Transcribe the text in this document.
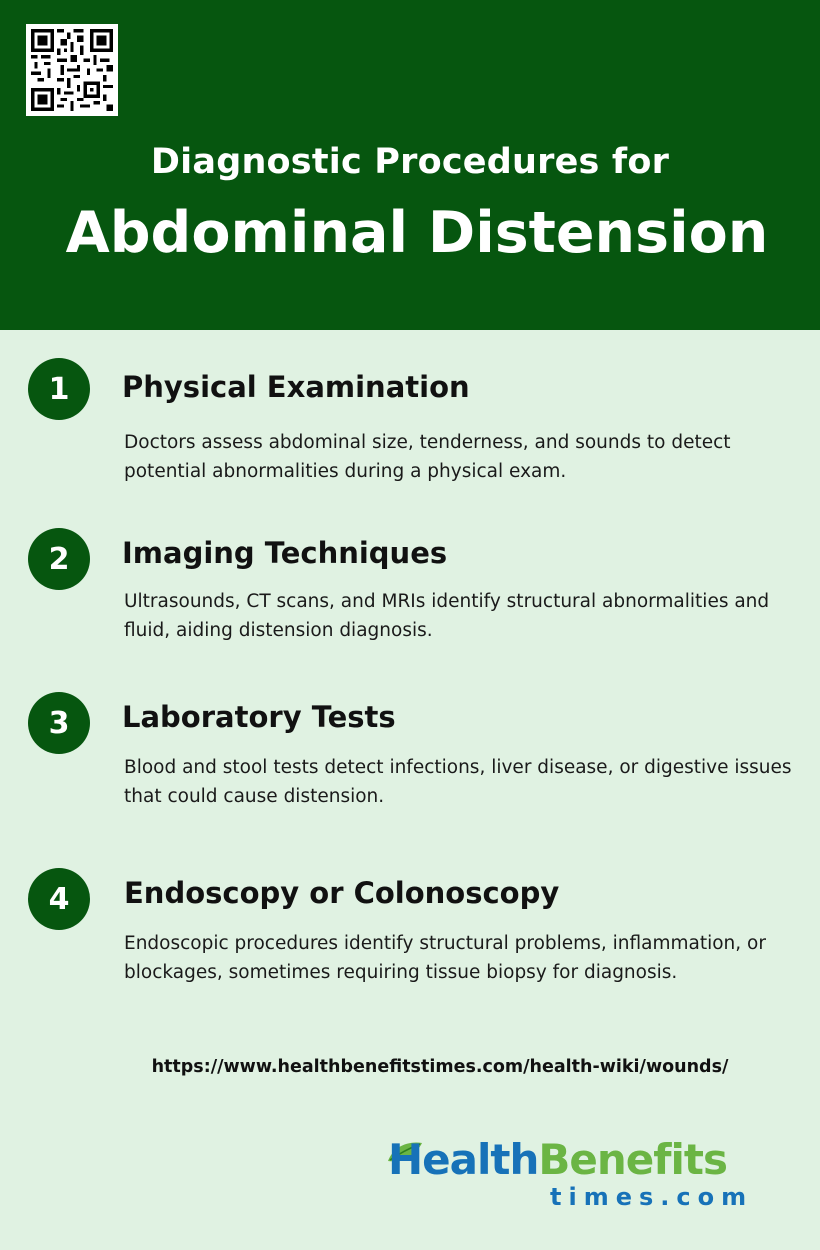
Diagnostic Procedures for
Abdominal Distension
1	Physical Examination
Doctors assess abdominal size, tenderness, and sounds to detect potential abnormalities during a physical exam.
2	Imaging Techniques
Ultrasounds, CT scans, and MRIs identify structural abnormalities and fluid, aiding distension diagnosis.
3	Laboratory Tests
Blood and stool tests detect infections, liver disease, or digestive issues that could cause distension.
4	Endoscopy or Colonoscopy
Endoscopic procedures identify structural problems, inflammation, or blockages, sometimes requiring tissue biopsy for diagnosis.
https://www.healthbenefitstimes.com/health-wiki/wounds/
HealthBenefits
times.com
